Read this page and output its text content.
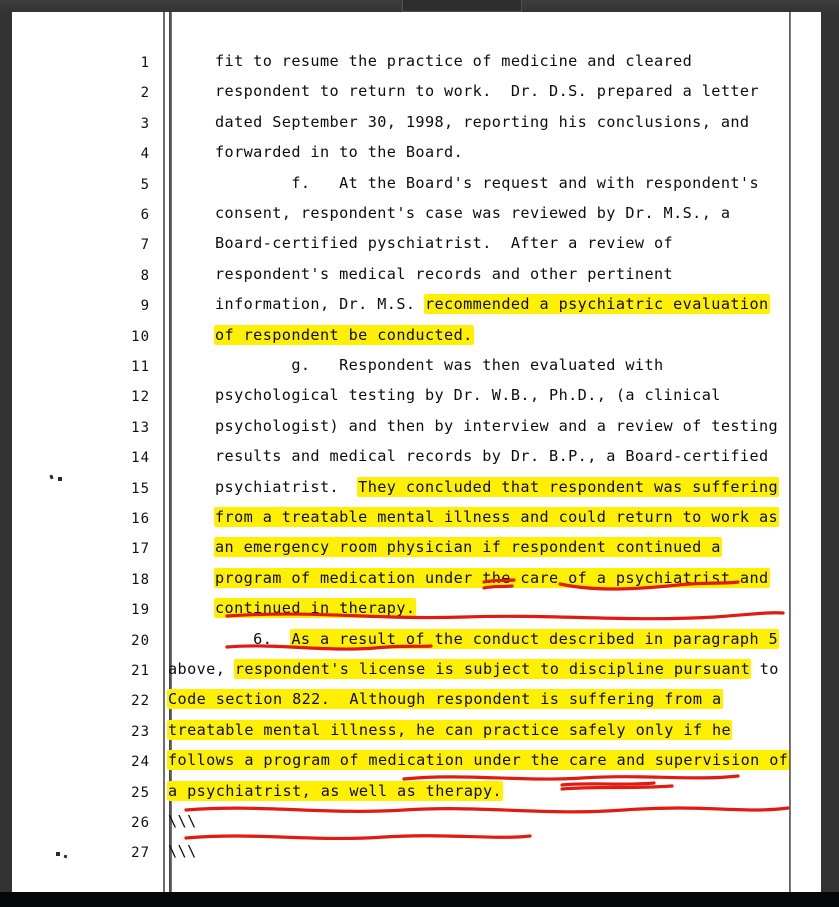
1	fit to resume the practice of medicine and cleared
2	respondent to return to work.  Dr. D.S. prepared a letter
3	dated September 30, 1998, reporting his conclusions, and
4	forwarded in to the Board.
5	f.   At the Board's request and with respondent's
6	consent, respondent's case was reviewed by Dr. M.S., a
7	Board-certified pyschiatrist.  After a review of
8	respondent's medical records and other pertinent
9	information, Dr. M.S. recommended a psychiatric evaluation
10	of respondent be conducted.
11	g.   Respondent was then evaluated with
12	psychological testing by Dr. W.B., Ph.D., (a clinical
13	psychologist) and then by interview and a review of testing
14	results and medical records by Dr. B.P., a Board-certified
15	psychiatrist.  They concluded that respondent was suffering
16	from a treatable mental illness and could return to work as
17	an emergency room physician if respondent continued a
18	program of medication under the care of a psychiatrist and
19	continued in therapy.
20	6.  As a result of the conduct described in paragraph 5
21 above, respondent's license is subject to discipline pursuant to
22 Code section 822.  Although respondent is suffering from a
23 treatable mental illness, he can practice safely only if he
24 follows a program of medication under the care and supervision of
25 a psychiatrist, as well as therapy.
26 \\\
27 \\\
